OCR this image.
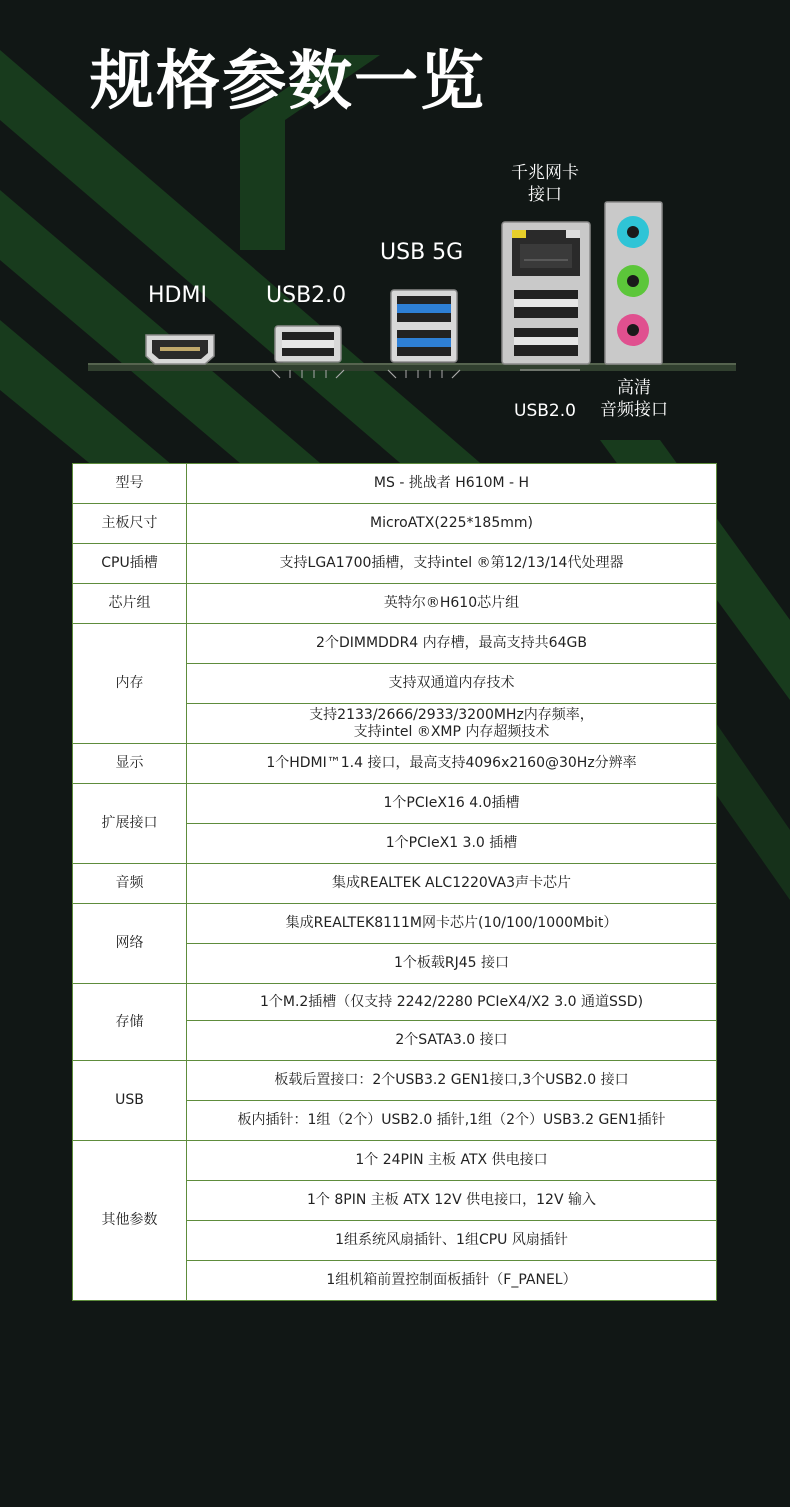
规格参数一览
HDMI	USB2.0
USB 5G
千兆网卡
接口
USB2.0
高清
音频接口
型号	MS - 挑战者 H610M - H
主板尺寸	MicroATX(225*185mm)
CPU插槽	支持LGA1700插槽，支持intel ®第12/13/14代处理器
芯片组	英特尔®H610芯片组
内存	2个DIMMDDR4 内存槽，最高支持共64GB
	支持双通道内存技术

	支持2133/2666/2933/3200MHz内存频率，
支持intel ®XMP 内存超频技术

显示	1个HDMI™1.4 接口，最高支持4096x2160@30Hz分辨率
扩展接口	1个PCIeX16 4.0插槽
	1个PCIeX1 3.0 插槽
音频	集成REALTEK ALC1220VA3声卡芯片
网络	集成REALTEK8111M网卡芯片(10/100/1000Mbit）
	1个板载RJ45 接口
存储	1个M.2插槽（仅支持 2242/2280 PCIeX4/X2 3.0 通道SSD)
	2个SATA3.0 接口
USB	板载后置接口：2个USB3.2 GEN1接口,3个USB2.0 接口
	板内插针：1组（2个）USB2.0 插针,1组（2个）USB3.2 GEN1插针
其他参数	1个 24PIN 主板 ATX 供电接口
	1个 8PIN 主板 ATX 12V 供电接口，12V 输入
	1组系统风扇插针、1组CPU 风扇插针
	1组机箱前置控制面板插针（F_PANEL）
